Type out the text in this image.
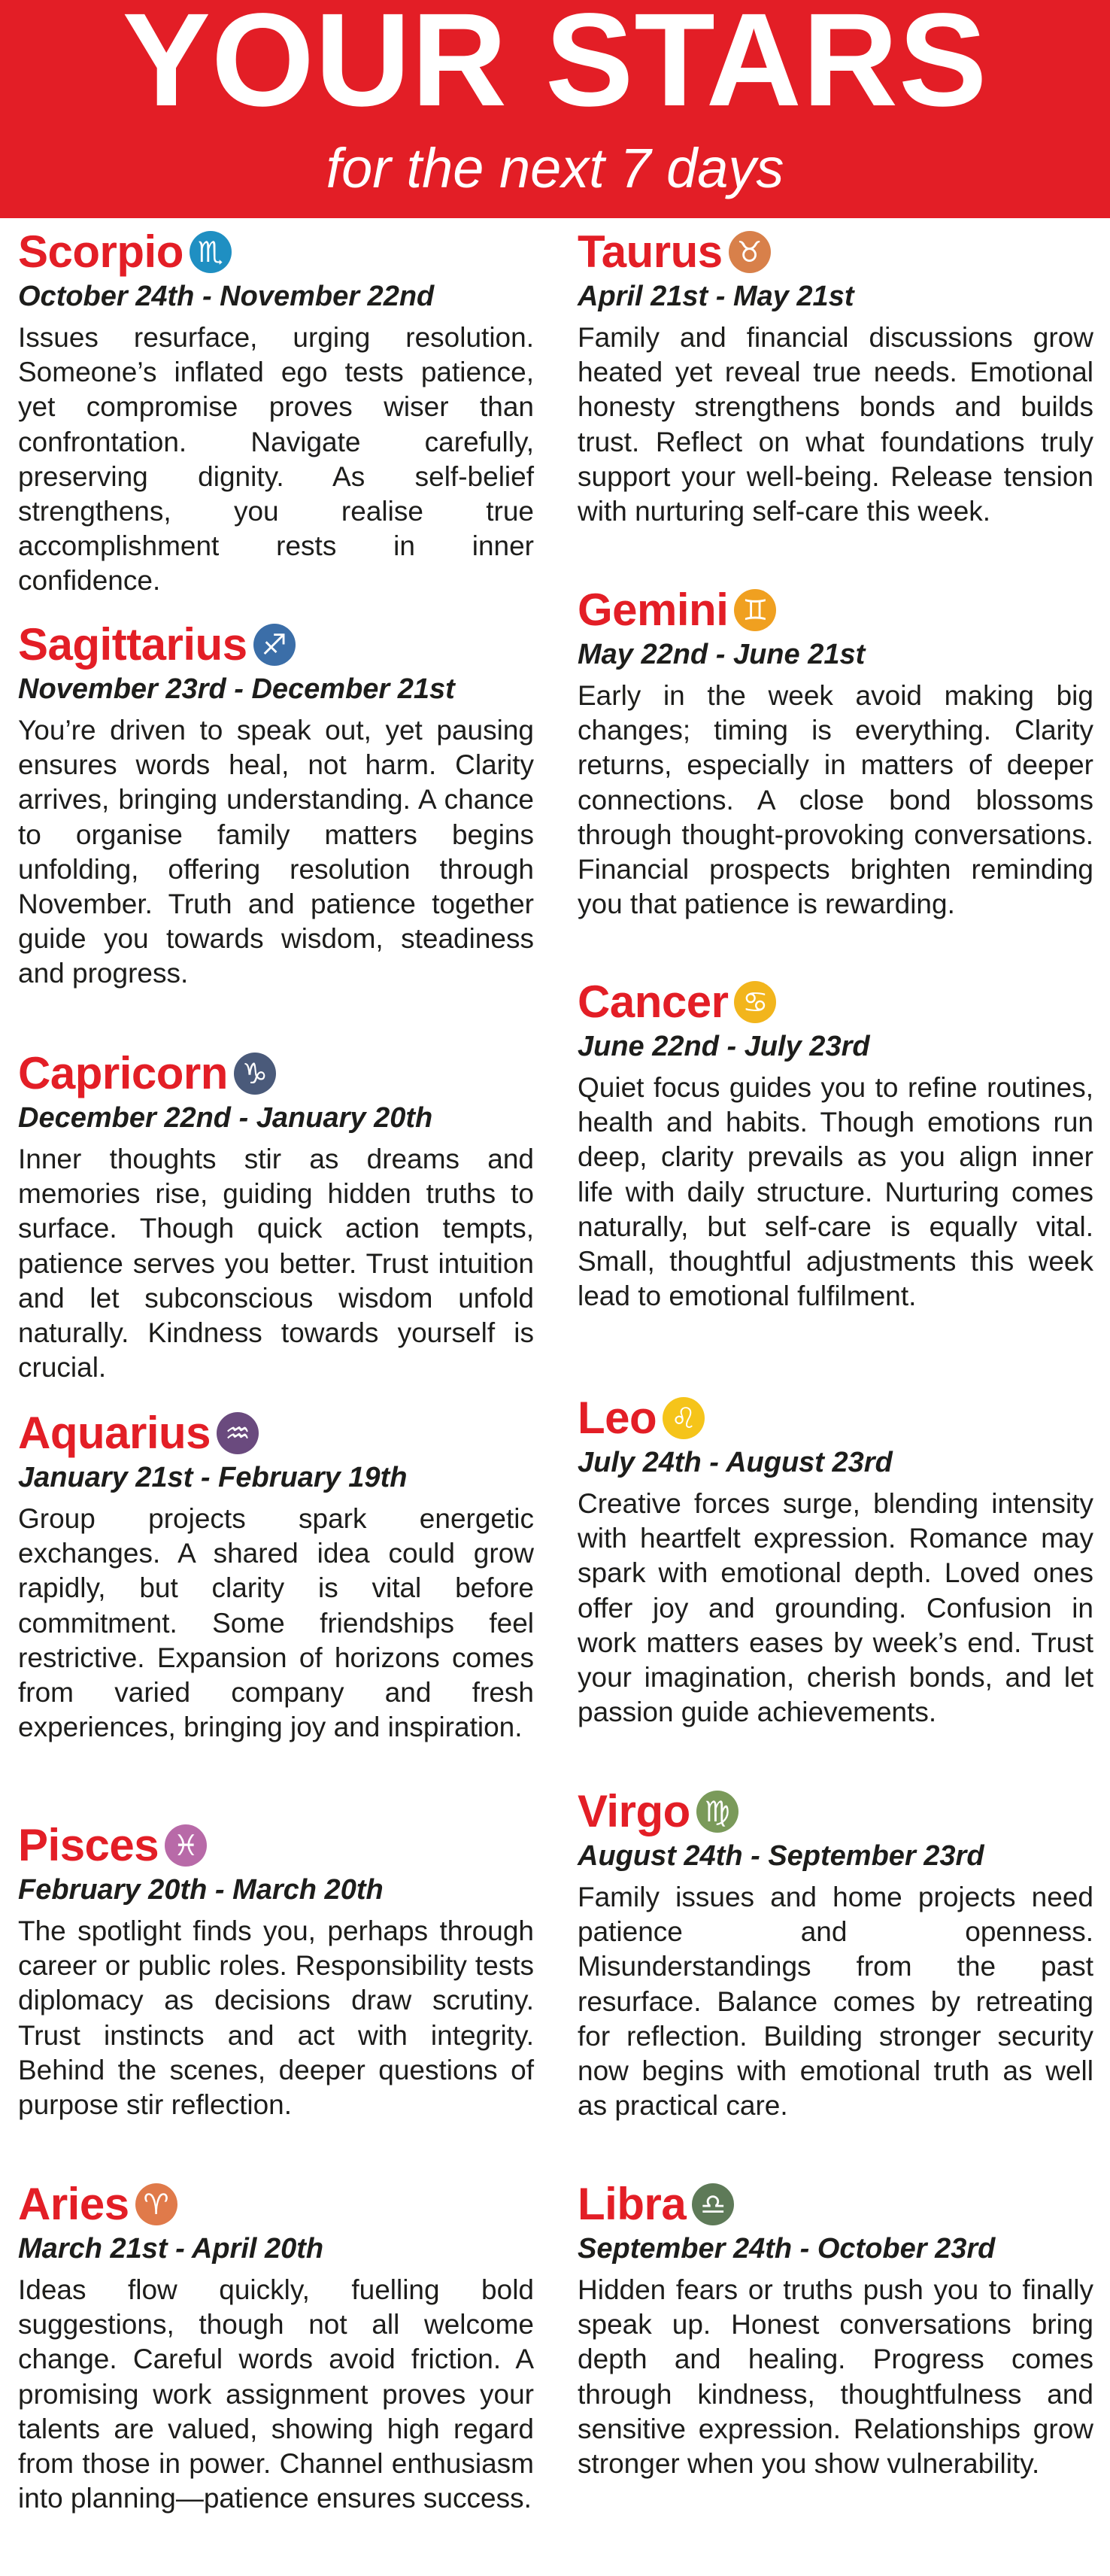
YOUR STARS
for the next 7 days
Scorpio ♏
October 24th - November 22nd

Issues resurface, urging resolution. Someone’s inflated ego tests patience, yet compromise proves wiser than confrontation. Navigate carefully, preserving dignity. As self-belief strengthens, you realise true accomplishment rests in inner confidence.

Sagittarius ♐
November 23rd - December 21st

You’re driven to speak out, yet pausing ensures words heal, not harm. Clarity arrives, bringing understanding. A chance to organise family matters begins unfolding, offering resolution through November. Truth and patience together guide you towards wisdom, steadiness and progress.

Capricorn ♑
December 22nd - January 20th

Inner thoughts stir as dreams and memories rise, guiding hidden truths to surface. Though quick action tempts, patience serves you better. Trust intuition and let subconscious wisdom unfold naturally. Kindness towards yourself is crucial.

Aquarius ♒
January 21st - February 19th

Group projects spark energetic exchanges. A shared idea could grow rapidly, but clarity is vital before commitment. Some friendships feel restrictive. Expansion of horizons comes from varied company and fresh experiences, bringing joy and inspiration.

Pisces ♓
February 20th - March 20th

The spotlight finds you, perhaps through career or public roles. Responsibility tests diplomacy as decisions draw scrutiny. Trust instincts and act with integrity. Behind the scenes, deeper questions of purpose stir reflection.

Aries ♈
March 21st - April 20th

Ideas flow quickly, fuelling bold suggestions, though not all welcome change. Careful words avoid friction. A promising work assignment proves your talents are valued, showing high regard from those in power. Channel enthusiasm into planning—patience ensures success.

Taurus ♉
April 21st - May 21st

Family and financial discussions grow heated yet reveal true needs. Emotional honesty strengthens bonds and builds trust. Reflect on what foundations truly support your well-being. Release tension with nurturing self-care this week.

Gemini ♊
May 22nd - June 21st

Early in the week avoid making big changes; timing is everything. Clarity returns, especially in matters of deeper connections. A close bond blossoms through thought-provoking conversations. Financial prospects brighten reminding you that patience is rewarding.

Cancer ♋
June 22nd - July 23rd

Quiet focus guides you to refine routines, health and habits. Though emotions run deep, clarity prevails as you align inner life with daily structure. Nurturing comes naturally, but self-care is equally vital. Small, thoughtful adjustments this week lead to emotional fulfilment.

Leo ♌
July 24th - August 23rd

Creative forces surge, blending intensity with heartfelt expression. Romance may spark with emotional depth. Loved ones offer joy and grounding. Confusion in work matters eases by week’s end. Trust your imagination, cherish bonds, and let passion guide achievements.

Virgo ♍
August 24th - September 23rd

Family issues and home projects need patience and openness. Misunderstandings from the past resurface. Balance comes by retreating for reflection. Building stronger security now begins with emotional truth as well as practical care.

Libra ♎
September 24th - October 23rd

Hidden fears or truths push you to finally speak up. Honest conversations bring depth and healing. Progress comes through kindness, thoughtfulness and sensitive expression. Relationships grow stronger when you show vulnerability.
